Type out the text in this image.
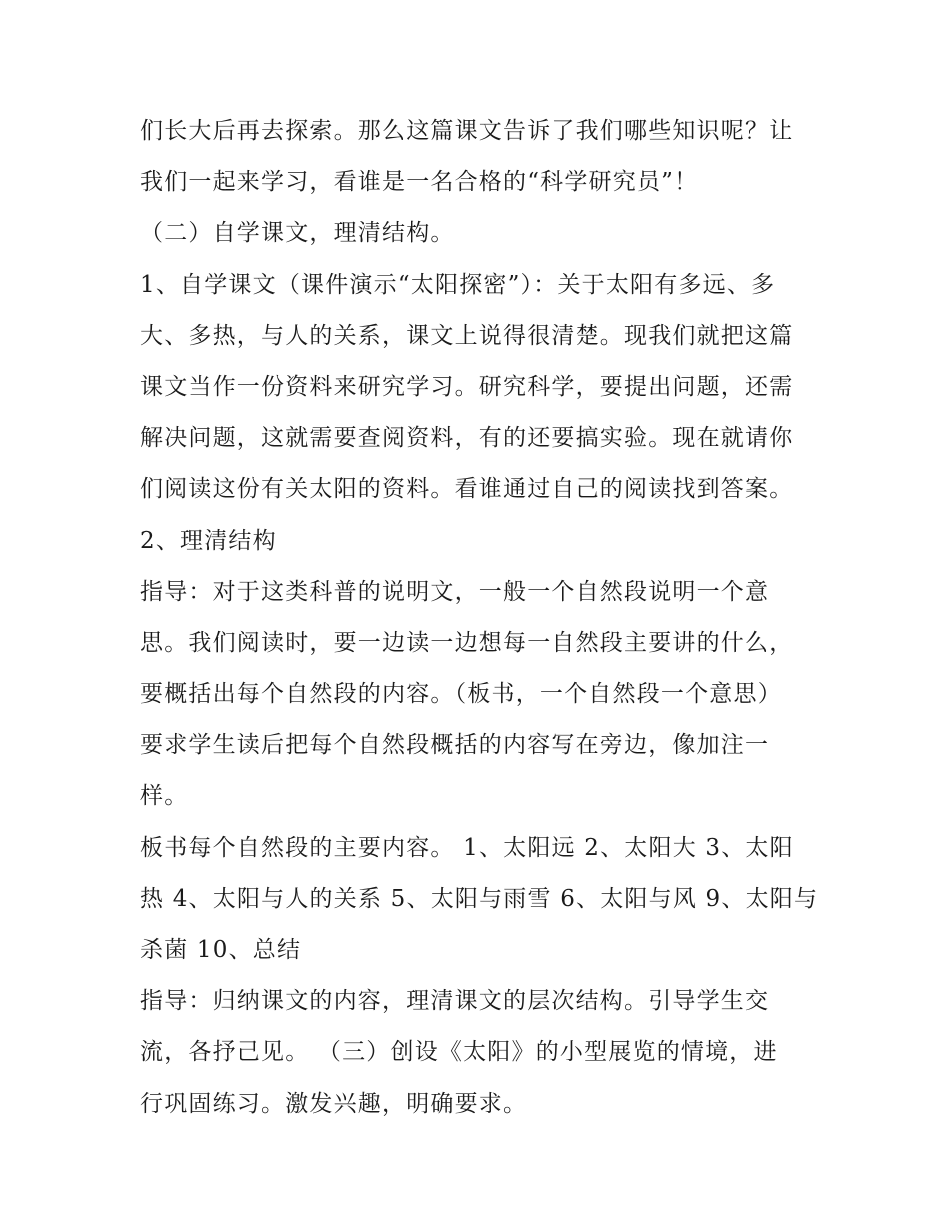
们长大后再去探索。那么这篇课文告诉了我们哪些知识呢？让
我们一起来学习，看谁是一名合格的“科学研究员”！
（二）自学课文，理清结构。
1、自学课文（课件演示“太阳探密”）：关于太阳有多远、多
大、多热，与人的关系，课文上说得很清楚。现我们就把这篇
课文当作一份资料来研究学习。研究科学，要提出问题，还需
解决问题，这就需要查阅资料，有的还要搞实验。现在就请你
们阅读这份有关太阳的资料。看谁通过自己的阅读找到答案。
2、理清结构
指导：对于这类科普的说明文，一般一个自然段说明一个意
思。我们阅读时，要一边读一边想每一自然段主要讲的什么，
要概括出每个自然段的内容。（板书，一个自然段一个意思）
要求学生读后把每个自然段概括的内容写在旁边，像加注一
样。
板书每个自然段的主要内容。 1、太阳远 2、太阳大 3、太阳
热 4、太阳与人的关系 5、太阳与雨雪 6、太阳与风 9、太阳与
杀菌 10、总结
指导：归纳课文的内容，理清课文的层次结构。引导学生交
流，各抒己见。 （三）创设《太阳》的小型展览的情境，进
行巩固练习。激发兴趣，明确要求。
